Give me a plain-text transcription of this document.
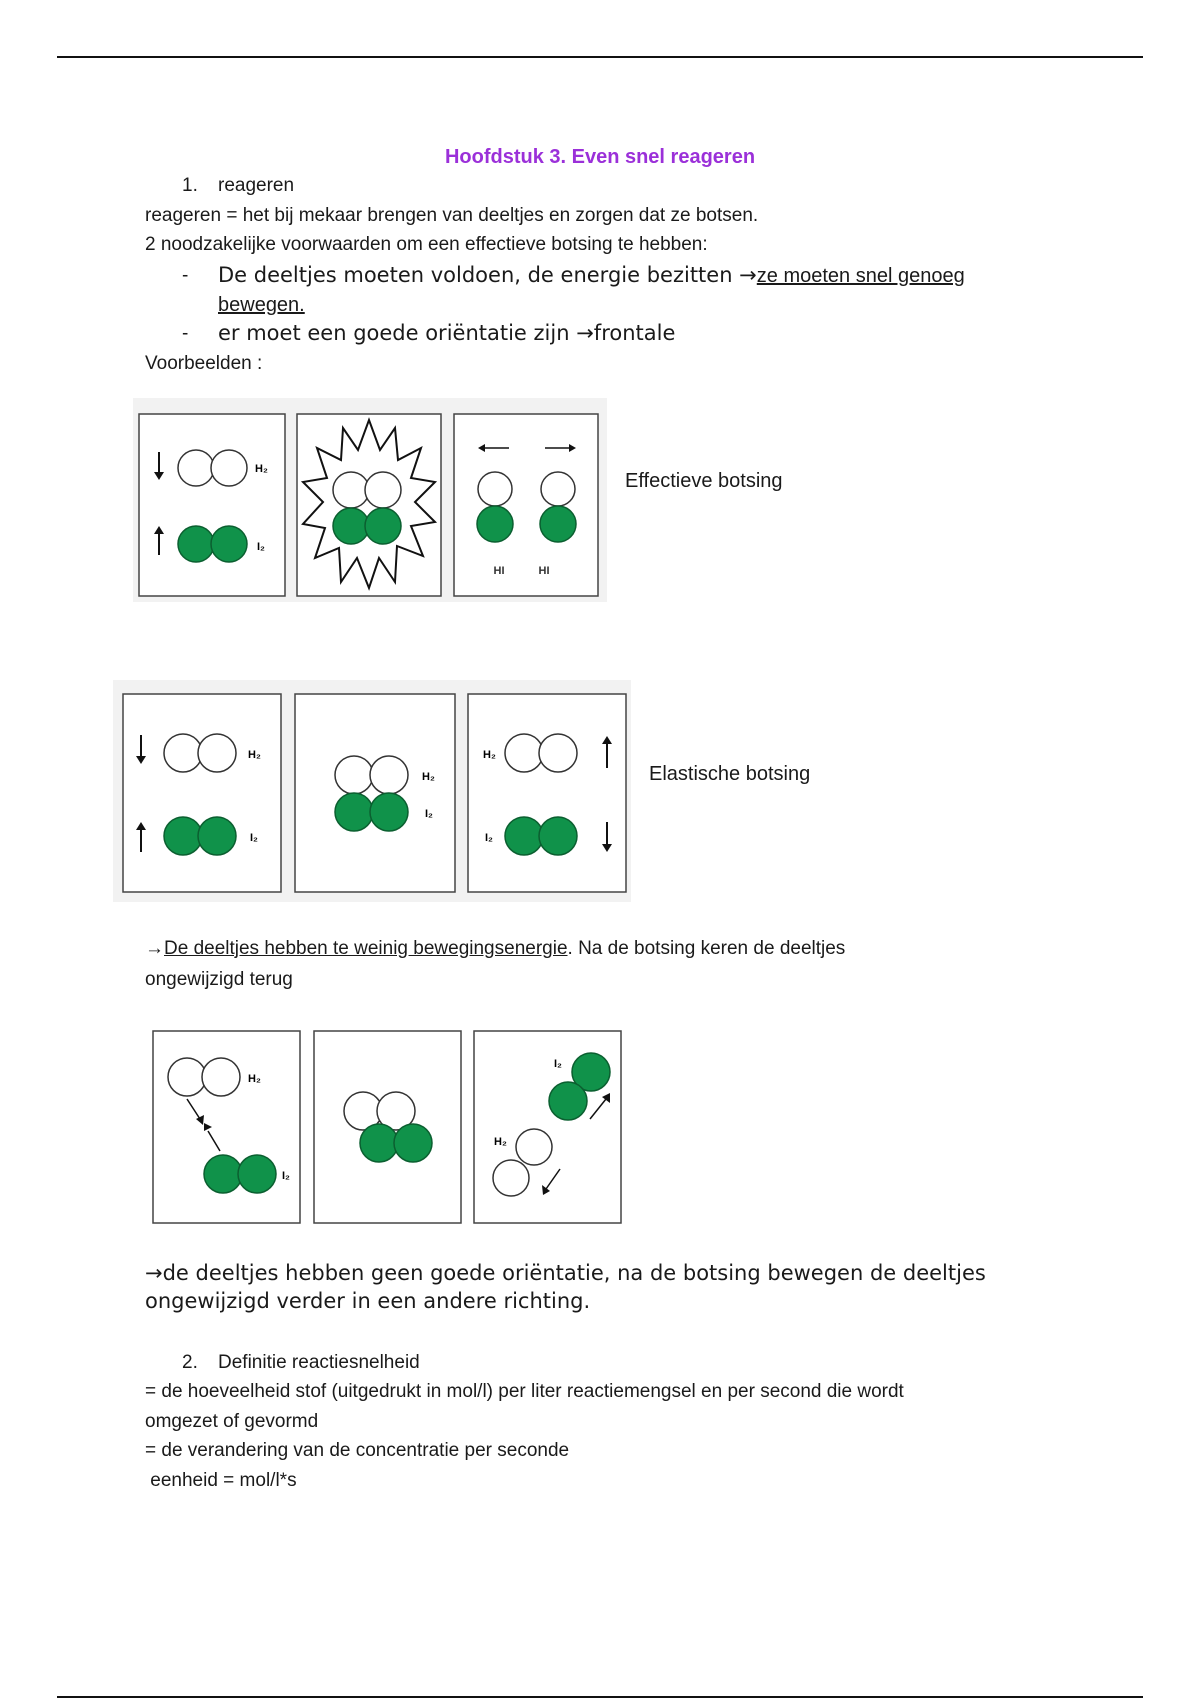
Hoofdstuk 3. Even snel reageren
1. reageren
reageren = het bij mekaar brengen van deeltjes en zorgen dat ze botsen.
2 noodzakelijke voorwaarden om een effectieve botsing te hebben:
- De deeltjes moeten voldoen, de energie bezitten →ze moeten snel genoeg
bewegen.
- er moet een goede oriëntatie zijn →frontale
Voorbeelden :
H₂
I₂
HI	HI
Effectieve botsing
H₂
I₂
H₂
I₂
H₂
I₂
Elastische botsing
→De deeltjes hebben te weinig bewegingsenergie. Na de botsing keren de deeltjes
ongewijzigd terug
H₂
I₂
I₂
H₂
→de deeltjes hebben geen goede oriëntatie, na de botsing bewegen de deeltjes
ongewijzigd verder in een andere richting.
2. Definitie reactiesnelheid
= de hoeveelheid stof (uitgedrukt in mol/l) per liter reactiemengsel en per second die wordt
omgezet of gevormd
= de verandering van de concentratie per seconde
eenheid = mol/l*s
